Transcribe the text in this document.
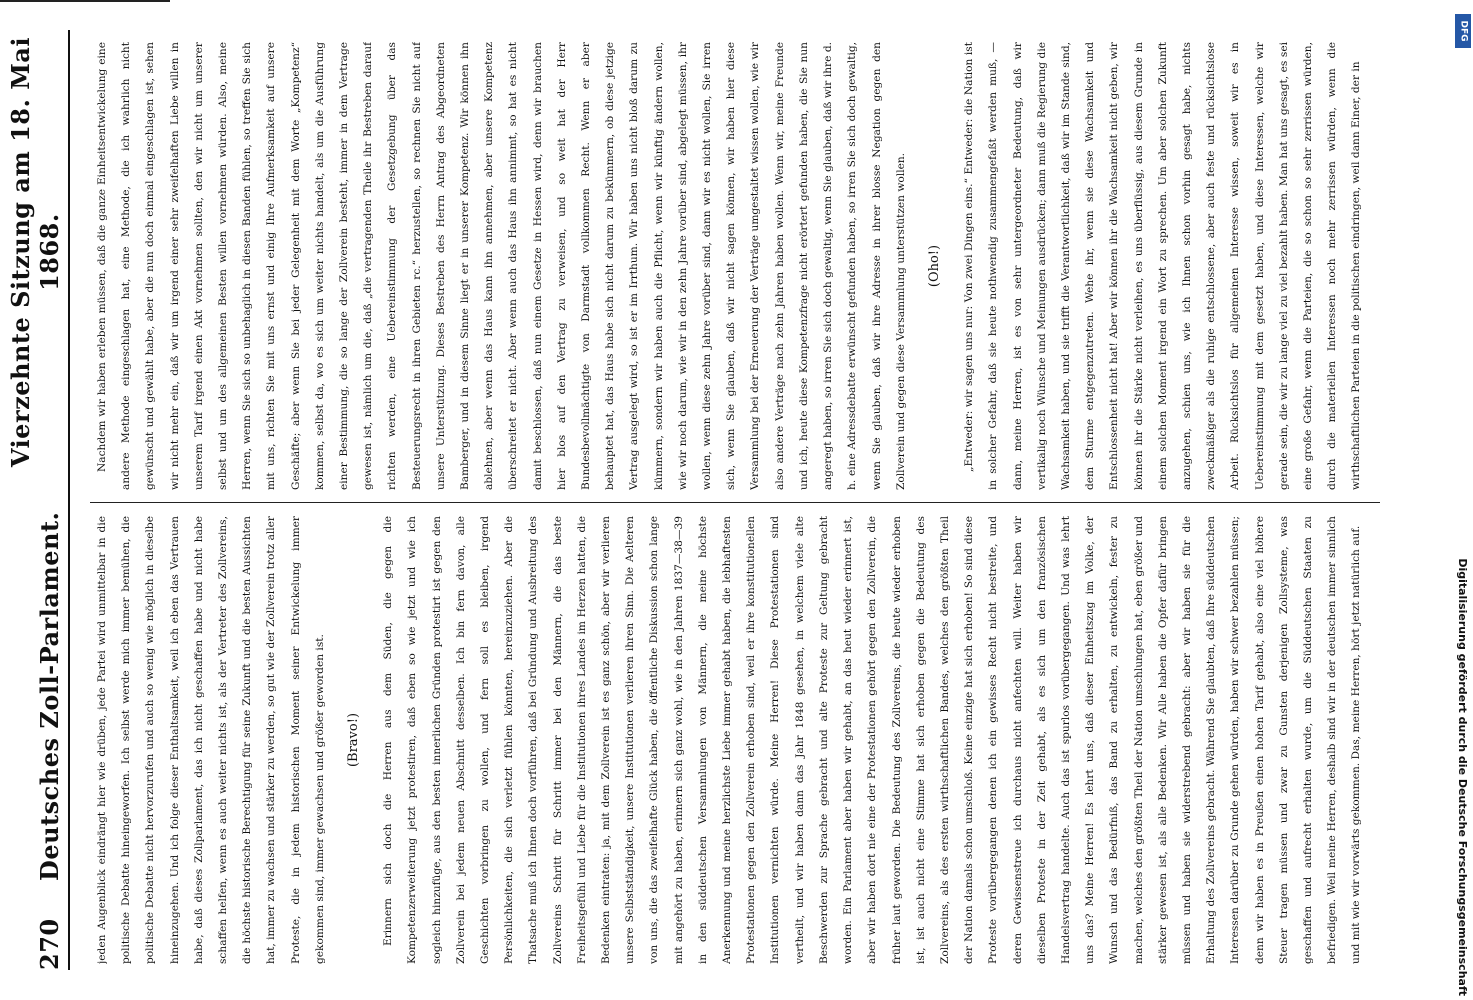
270
Deutsches Zoll-Parlament.
Vierzehnte Sitzung am 18. Mai 1868.

jeden Augenblick eindrängt hier wie drüben, jede Partei wird unmittelbar in die politische Debatte hineingeworfen. Ich selbst werde mich immer bemühen, die politische Debatte nicht hervorzurufen und auch so wenig wie möglich in dieselbe hineinzugehen. Und ich folge dieser Enthaltsamkeit, weil ich eben das Vertrauen habe, daß dieses Zollparlament, das ich nicht geschaffen habe und nicht habe schaffen helfen, wenn es auch weiter nichts ist, als der Vertreter des Zollvereins, die höchste historische Berechtigung für seine Zukunft und die besten Aussichten hat, immer zu wachsen und stärker zu werden, so gut wie der Zollverein trotz aller Proteste, die in jedem historischen Moment seiner Entwickelung immer gekommen sind, immer gewachsen und größer geworden ist.	(Bravo!)	Erinnern sich doch die Herren aus dem Süden, die gegen die Kompetenzerweiterung jetzt protestiren, daß eben so wie jetzt und wie ich sogleich hinzufüge, aus den besten innerlichen Gründen protestirt ist gegen den Zollverein bei jedem neuen Abschnitt desselben. Ich bin fern davon, alle Geschichten vorbringen zu wollen, und fern soll es bleiben, irgend Persönlichkeiten, die sich verletzt fühlen könnten, hereinzuziehen. Aber die Thatsache muß ich Ihnen doch vorführen, daß bei Gründung und Ausbreitung des Zollvereins Schritt für Schritt immer bei den Männern, die das beste Freiheitsgefühl und Liebe für die Institutionen ihres Landes im Herzen hatten, die Bedenken eintraten: ja, mit dem Zollverein ist es ganz schön, aber wir verlieren unsere Selbstständigkeit, unsere Institutionen verlieren ihren Sinn. Die Aelteren von uns, die das zweifelhafte Glück haben, die öffentliche Diskussion schon lange mit angehört zu haben, erinnern sich ganz wohl, wie in den Jahren 1837—38—39 in den süddeutschen Versammlungen von Männern, die meine höchste Anerkennung und meine herzlichste Liebe immer gehabt haben, die lebhaftesten Protestationen gegen den Zollverein erhoben sind, weil er ihre konstitutionellen Institutionen vernichten würde. Meine Herren! Diese Protestationen sind vertheilt, und wir haben dann das Jahr 1848 gesehen, in welchem viele alte Beschwerden zur Sprache gebracht und alte Proteste zur Geltung gebracht worden. Ein Parlament aber haben wir gehabt, an das heut wieder erinnert ist, aber wir haben dort nie eine der Protestationen gehört gegen den Zollverein, die früher laut geworden. Die Bedeutung des Zollvereins, die heute wieder erhoben ist, ist auch nicht eine Stimme hat sich erhoben gegen die Bedeutung des Zollvereins, als des ersten wirthschaftlichen Bandes, welches den größten Theil der Nation damals schon umschloß. Keine einzige hat sich erhoben! So sind diese Proteste vorübergegangen denen ich ein gewisses Recht nicht bestreite, und deren Gewissenstreue ich durchaus nicht anfechten will. Weiter haben wir dieselben Proteste in der Zeit gehabt, als es sich um den französischen Handelsvertrag handelte. Auch das ist spurlos vorübergegangen. Und was lehrt uns das? Meine Herren! Es lehrt uns, daß dieser Einheitszug im Volke, der Wunsch und das Bedürfniß, das Band zu erhalten, zu entwickeln, fester zu machen, welches den größten Theil der Nation umschlungen hat, eben größer und stärker gewesen ist, als alle Bedenken. Wir Alle haben die Opfer dafür bringen müssen und haben sie widerstrebend gebracht: aber wir haben sie für die Erhaltung des Zollvereins gebracht. Während Sie glaubten, daß Ihre süddeutschen Interessen darüber zu Grunde gehen würden, haben wir schwer bezahlen müssen; denn wir haben es in Preußen einen hohen Tarif gehabt, also eine viel höhere Steuer tragen müssen und zwar zu Gunsten derjenigen Zollsysteme, was geschaffen und aufrecht erhalten wurde, um die Süddeutschen Staaten zu befriedigen. Weil meine Herren, deshalb sind wir in der deutschen immer sinnlich und mit wie wir vorwärts gekommen. Das, meine Herren, hört jetzt natürlich auf.

Nachdem wir haben erleben müssen, daß die ganze Einheitsentwickelung eine andere Methode eingeschlagen hat, eine Methode, die ich wahrlich nicht gewünscht und gewählt habe, aber die nun doch einmal eingeschlagen ist, sehen wir nicht mehr ein, daß wir um irgend einer sehr zweifelhaften Liebe willen in unserem Tarif irgend einen Akt vornehmen sollten, den wir nicht um unserer selbst und um des allgemeinen Besten willen vornehmen würden. Also, meine Herren, wenn Sie sich so unbehaglich in diesen Banden fühlen, so treffen Sie sich mit uns, richten Sie mit uns ernst und einig Ihre Aufmerksamkeit auf unsere Geschäfte; aber wenn Sie bei jeder Gelegenheit mit dem Worte „Kompetenz“ kommen, selbst da, wo es sich um weiter nichts handelt, als um die Ausführung einer Bestimmung, die so lange der Zollverein besteht, immer in dem Vertrage gewesen ist, nämlich um die, daß „die vertragenden Theile ihr Bestreben darauf richten werden, eine Uebereinstimmung der Gesetzgebung über das Besteuerungsrecht in ihren Gebieten rc.“ herzustellen, so rechnen Sie nicht auf unsere Unterstützung. Dieses Bestreben des Herrn Antrag des Abgeordneten Bamberger, und in diesem Sinne liegt er in unserer Kompetenz. Wir können ihn ablehnen, aber wenn das Haus kann ihn annehmen, aber unsere Kompetenz überschreitet er nicht. Aber wenn auch das Haus ihn annimmt, so hat es nicht damit beschlossen, daß nun einem Gesetze in Hessen wird, denn wir brauchen hier blos auf den Vertrag zu verweisen, und so weit hat der Herr Bundesbevollmächtigte von Darmstadt vollkommen Recht. Wenn er aber behauptet hat, das Haus habe sich nicht darum zu bekümmern, ob diese jetzige Vertrag ausgelegt wird, so ist er im Irrthum. Wir haben uns nicht bloß darum zu kümmern, sondern wir haben auch die Pflicht, wenn wir künftig ändern wollen, wie wir noch darum, wie wir in den zehn Jahre vorüber sind, abgelegt müssen, ihr wollen, wenn diese zehn Jahre vorüber sind, dann wir es nicht wollen, Sie irren sich, wenn Sie glauben, daß wir nicht sagen können, wir haben hier diese Versammlung bei der Erneuerung der Verträge umgestaltet wissen wollen, wie wir also andere Verträge nach zehn Jahren haben wollen. Wenn wir, meine Freunde und ich, heute diese Kompetenzfrage nicht erörtert gefunden haben, die Sie nun angeregt haben, so irren Sie sich doch gewaltig, wenn Sie glauben, daß wir ihre d. h. eine Adressdebatte erwünscht gefunden haben, so irren Sie sich doch gewaltig, wenn Sie glauben, daß wir ihre Adresse in ihrer blosse Negation gegen den Zollverein und gegen diese Versammlung unterstützen wollen.	(Oho!)	„Entweder: wir sagen uns nur: Von zwei Dingen eins.“ Entweder: die Nation ist in solcher Gefahr, daß sie heute nothwendig zusammengefaßt werden muß, — dann, meine Herren, ist es von sehr untergeordneter Bedeutung, daß wir vertikalig noch Wünsche und Meinungen ausdrücken; dann muß die Regierung die Wachsamkeit haben, und sie trifft die Verantwortlichkeit, daß wir im Stande sind, dem Sturme entgegenzutreten. Wehe ihr, wenn sie diese Wachsamkeit und Entschlossenheit nicht hat! Aber wir können ihr die Wachsamkeit nicht geben, wir können ihr die Stärke nicht verleihen, es uns überflüssig, aus diesem Grunde in einem solchen Moment irgend ein Wort zu sprechen. Um aber solchen Zukunft anzugehen, schien uns, wie ich Ihnen schon vorhin gesagt habe, nichts zweckmäßiger als die ruhige entschlossene, aber auch feste und rücksichtslose Arbeit. Rücksichtslos für allgemeinen Interesse wissen, soweit wir es in Uebereinstimmung mit dem gesetzt haben, und diese Interessen, welche wir gerade sein, die wir zu lange viel zu viel bezahlt haben. Man hat uns gesagt, es sei eine große Gefahr, wenn die Parteien, die so schon so sehr zerrissen würden, durch die materiellen Interessen noch mehr zerrissen würden, wenn die wirthschaftlichen Parteien in die politischen eindringen, weil dann Einer, der in

Digitalisierung gefördert durch die Deutsche Forschungsgemeinschaft
DFG
